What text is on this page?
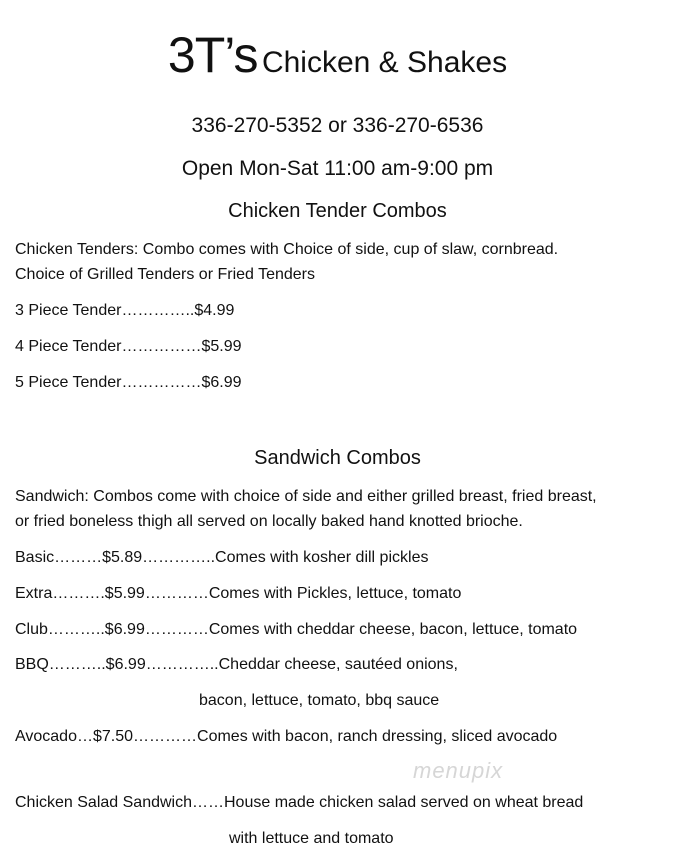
3T’s Chicken & Shakes
336-270-5352 or 336-270-6536
Open Mon-Sat 11:00 am-9:00 pm
Chicken Tender Combos
Chicken Tenders: Combo comes with Choice of side, cup of slaw, cornbread.
Choice of Grilled Tenders or Fried Tenders
3 Piece Tender…………..$4.99
4 Piece Tender……………$5.99
5 Piece Tender……………$6.99
Sandwich Combos
Sandwich: Combos come with choice of side and either grilled breast, fried breast,
or fried boneless thigh all served on locally baked hand knotted brioche.
Basic………$5.89…………..Comes with kosher dill pickles
Extra……….$5.99…………Comes with Pickles, lettuce, tomato
Club………..$6.99…………Comes with cheddar cheese, bacon, lettuce, tomato
BBQ………..$6.99…………..Cheddar cheese, sautéed onions,
bacon, lettuce, tomato, bbq sauce
Avocado…$7.50…………Comes with bacon, ranch dressing, sliced avocado
Chicken Salad Sandwich……House made chicken salad served on wheat bread
with lettuce and tomato
menupix
